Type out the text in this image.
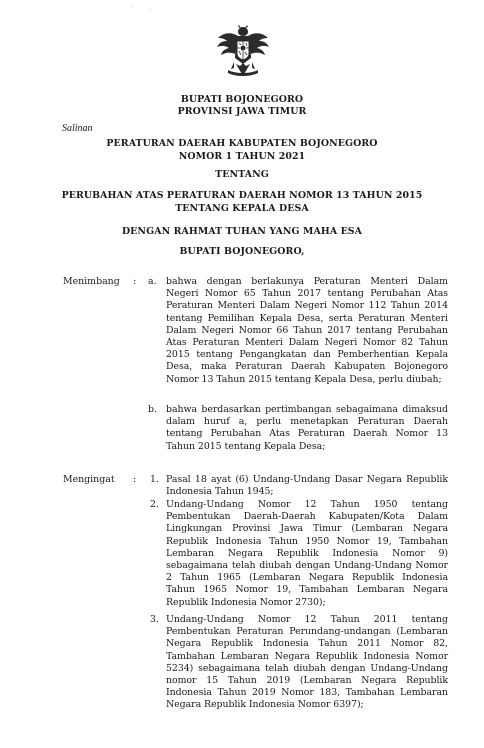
'	·
BUPATI BOJONEGORO
PROVINSI JAWA TIMUR
Salinan
PERATURAN DAERAH KABUPATEN BOJONEGORO
NOMOR 1 TAHUN 2021
TENTANG
PERUBAHAN ATAS PERATURAN DAERAH NOMOR 13 TAHUN 2015
TENTANG KEPALA DESA
DENGAN RAHMAT TUHAN YANG MAHA ESA
BUPATI BOJONEGORO,
Menimbang : a. bahwa dengan berlakunya Peraturan Menteri Dalam Negeri Nomor 65 Tahun 2017 tentang Perubahan Atas Peraturan Menteri Dalam Negeri Nomor 112 Tahun 2014 tentang Pemilihan Kepala Desa, serta Peraturan Menteri Dalam Negeri Nomor 66 Tahun 2017 tentang Perubahan Atas Peraturan Menteri Dalam Negeri Nomor 82 Tahun 2015 tentang Pengangkatan dan Pemberhentian Kepala Desa, maka Peraturan Daerah Kabupaten Bojonegoro Nomor 13 Tahun 2015 tentang Kepala Desa, perlu diubah;
b. bahwa berdasarkan pertimbangan sebagaimana dimaksud dalam huruf a, perlu menetapkan Peraturan Daerah tentang Perubahan Atas Peraturan Daerah Nomor 13 Tahun 2015 tentang Kepala Desa;
Mengingat : 1. Pasal 18 ayat (6) Undang-Undang Dasar Negara Republik Indonesia Tahun 1945;
2. Undang-Undang Nomor 12 Tahun 1950 tentang Pembentukan Daerah-Daerah Kabupaten/Kota Dalam Lingkungan Provinsi Jawa Timur (Lembaran Negara Republik Indonesia Tahun 1950 Nomor 19, Tambahan Lembaran Negara Republik Indonesia Nomor 9) sebagaimana telah diubah dengan Undang-Undang Nomor 2 Tahun 1965 (Lembaran Negara Republik Indonesia Tahun 1965 Nomor 19, Tambahan Lembaran Negara Republik Indonesia Nomor 2730);
3. Undang-Undang Nomor 12 Tahun 2011 tentang Pembentukan Peraturan Perundang-undangan (Lembaran Negara Republik Indonesia Tahun 2011 Nomor 82, Tambahan Lembaran Negara Republik Indonesia Nomor 5234) sebagaimana telah diubah dengan Undang-Undang nomor 15 Tahun 2019 (Lembaran Negara Republik Indonesia Tahun 2019 Nomor 183, Tambahan Lembaran Negara Republik Indonesia Nomor 6397);
